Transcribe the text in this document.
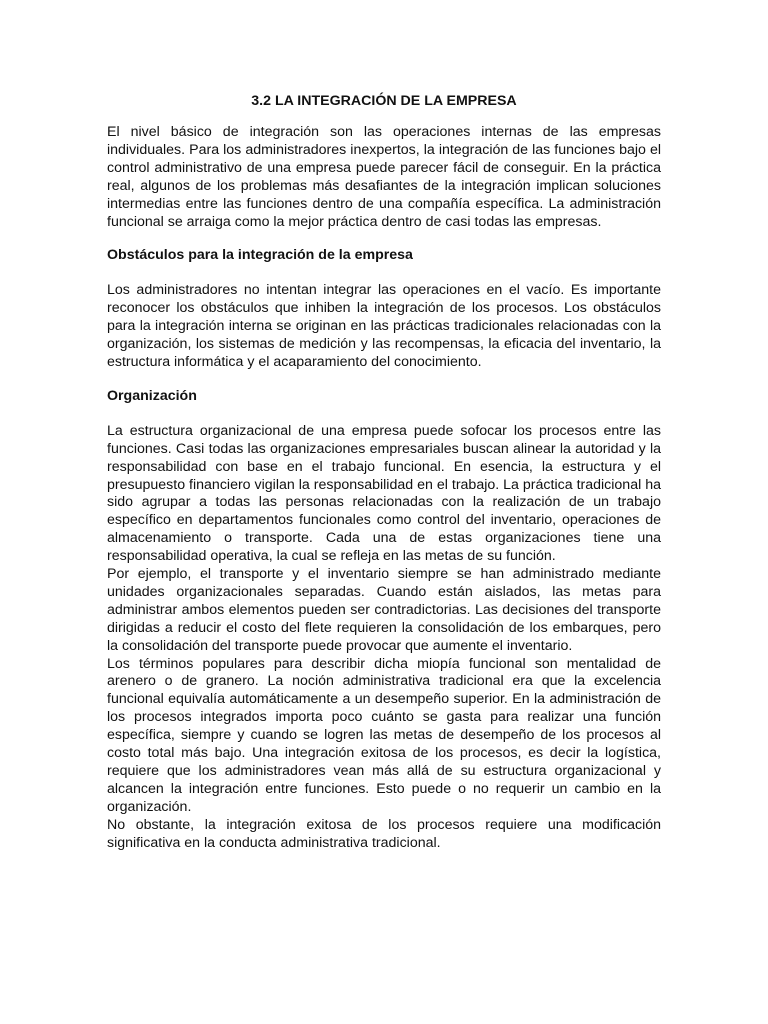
3.2 LA INTEGRACIÓN DE LA EMPRESA

El nivel básico de integración son las operaciones internas de las empresas individuales. Para los administradores inexpertos, la integración de las funciones bajo el control administrativo de una empresa puede parecer fácil de conseguir. En la práctica real, algunos de los problemas más desafiantes de la integración implican soluciones intermedias entre las funciones dentro de una compañía específica. La administración funcional se arraiga como la mejor práctica dentro de casi todas las empresas.

Obstáculos para la integración de la empresa

Los administradores no intentan integrar las operaciones en el vacío. Es importante reconocer los obstáculos que inhiben la integración de los procesos. Los obstáculos para la integración interna se originan en las prácticas tradicionales relacionadas con la organización, los sistemas de medición y las recompensas, la eficacia del inventario, la estructura informática y el acaparamiento del conocimiento.

Organización

La estructura organizacional de una empresa puede sofocar los procesos entre las funciones. Casi todas las organizaciones empresariales buscan alinear la autoridad y la responsabilidad con base en el trabajo funcional. En esencia, la estructura y el presupuesto financiero vigilan la responsabilidad en el trabajo. La práctica tradicional ha sido agrupar a todas las personas relacionadas con la realización de un trabajo específico en departamentos funcionales como control del inventario, operaciones de almacenamiento o transporte. Cada una de estas organizaciones tiene una responsabilidad operativa, la cual se refleja en las metas de su función.

Por ejemplo, el transporte y el inventario siempre se han administrado mediante unidades organizacionales separadas. Cuando están aislados, las metas para administrar ambos elementos pueden ser contradictorias. Las decisiones del transporte dirigidas a reducir el costo del flete requieren la consolidación de los embarques, pero la consolidación del transporte puede provocar que aumente el inventario.

Los términos populares para describir dicha miopía funcional son mentalidad de arenero o de granero. La noción administrativa tradicional era que la excelencia funcional equivalía automáticamente a un desempeño superior. En la administración de los procesos integrados importa poco cuánto se gasta para realizar una función específica, siempre y cuando se logren las metas de desempeño de los procesos al costo total más bajo. Una integración exitosa de los procesos, es decir la logística, requiere que los administradores vean más allá de su estructura organizacional y alcancen la integración entre funciones. Esto puede o no requerir un cambio en la organización.

No obstante, la integración exitosa de los procesos requiere una modificación significativa en la conducta administrativa tradicional.
